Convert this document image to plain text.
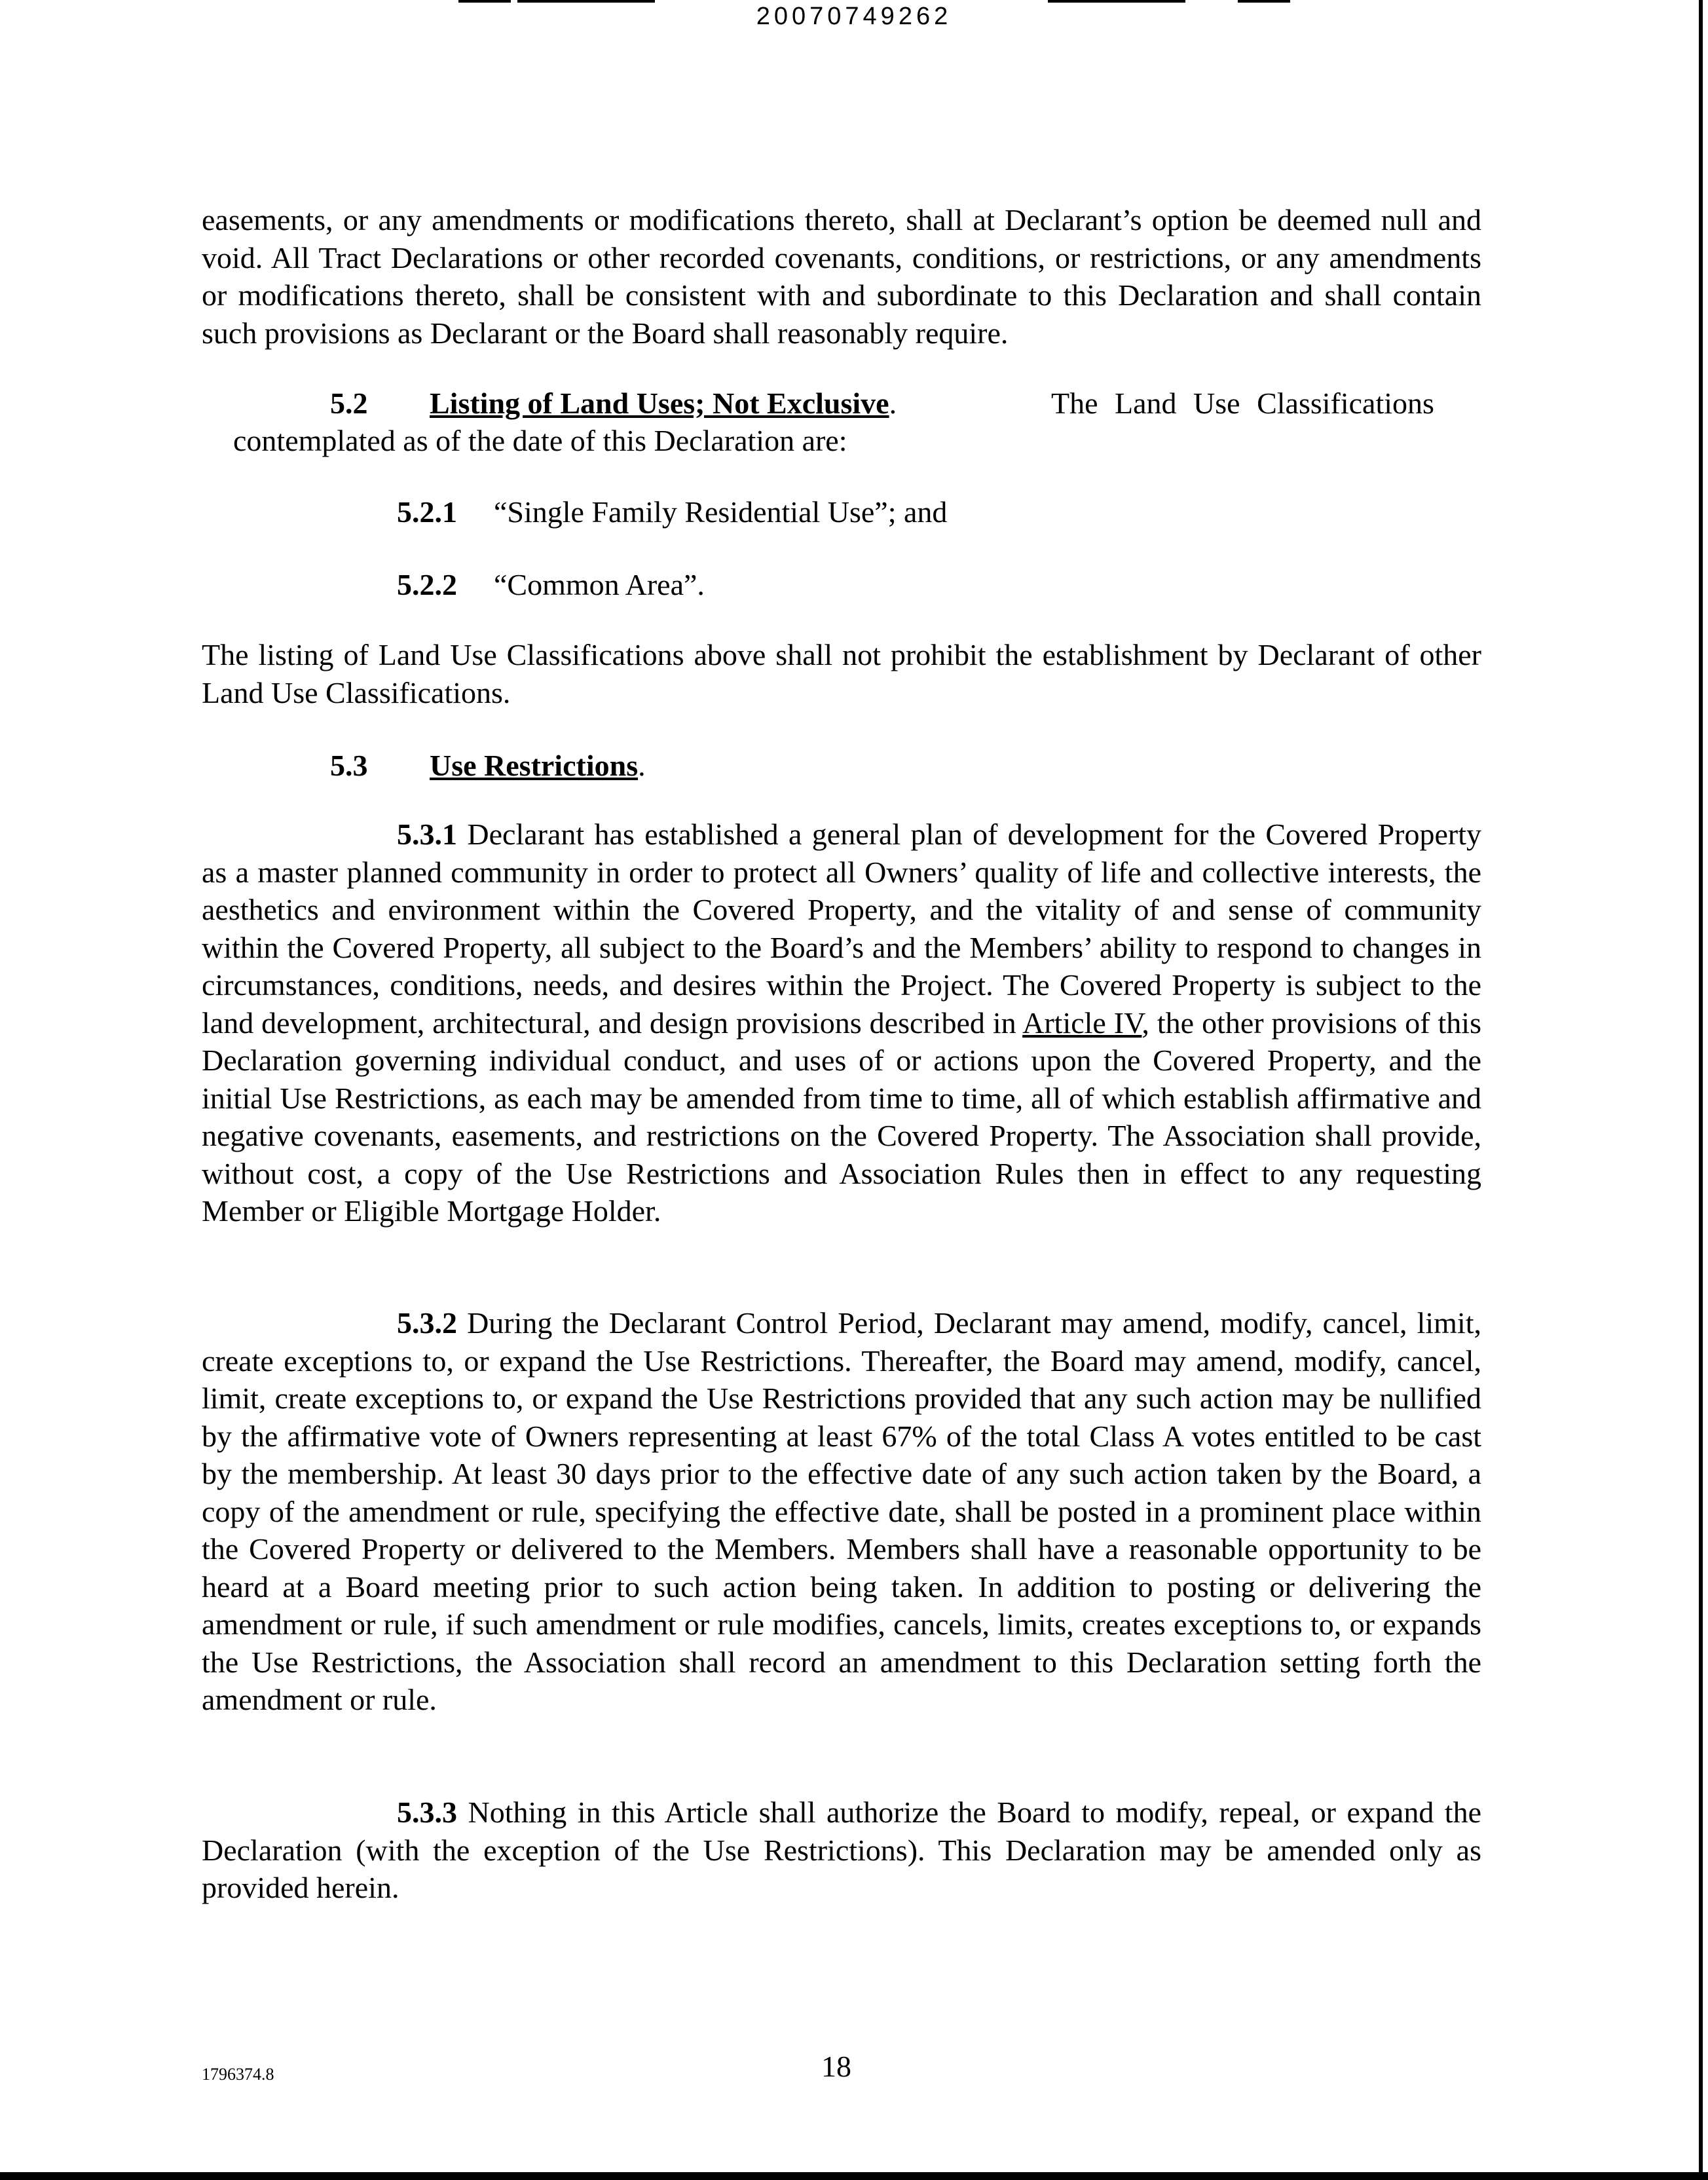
20070749262
easements, or any amendments or modifications thereto, shall at Declarant’s option be deemed null and void. All Tract Declarations or other recorded covenants, conditions, or restrictions, or any amendments or modifications thereto, shall be consistent with and subordinate to this Declaration and shall contain such provisions as Declarant or the Board shall reasonably require.
5.2 Listing of Land Uses; Not Exclusive.	The Land Use Classifications
contemplated as of the date of this Declaration are:
5.2.1 “Single Family Residential Use”; and
5.2.2 “Common Area”.
The listing of Land Use Classifications above shall not prohibit the establishment by Declarant of other Land Use Classifications.
5.3 Use Restrictions.
5.3.1 Declarant has established a general plan of development for the Covered Property as a master planned community in order to protect all Owners’ quality of life and collective interests, the aesthetics and environment within the Covered Property, and the vitality of and sense of community within the Covered Property, all subject to the Board’s and the Members’ ability to respond to changes in circumstances, conditions, needs, and desires within the Project. The Covered Property is subject to the land development, architectural, and design provisions described in Article IV, the other provisions of this Declaration governing individual conduct, and uses of or actions upon the Covered Property, and the initial Use Restrictions, as each may be amended from time to time, all of which establish affirmative and negative covenants, easements, and restrictions on the Covered Property. The Association shall provide, without cost, a copy of the Use Restrictions and Association Rules then in effect to any requesting Member or Eligible Mortgage Holder.
5.3.2 During the Declarant Control Period, Declarant may amend, modify, cancel, limit, create exceptions to, or expand the Use Restrictions. Thereafter, the Board may amend, modify, cancel, limit, create exceptions to, or expand the Use Restrictions provided that any such action may be nullified by the affirmative vote of Owners representing at least 67% of the total Class A votes entitled to be cast by the membership. At least 30 days prior to the effective date of any such action taken by the Board, a copy of the amendment or rule, specifying the effective date, shall be posted in a prominent place within the Covered Property or delivered to the Members. Members shall have a reasonable opportunity to be heard at a Board meeting prior to such action being taken. In addition to posting or delivering the amendment or rule, if such amendment or rule modifies, cancels, limits, creates exceptions to, or expands the Use Restrictions, the Association shall record an amendment to this Declaration setting forth the amendment or rule.
5.3.3 Nothing in this Article shall authorize the Board to modify, repeal, or expand the Declaration (with the exception of the Use Restrictions). This Declaration may be amended only as provided herein.
1796374.8	18
